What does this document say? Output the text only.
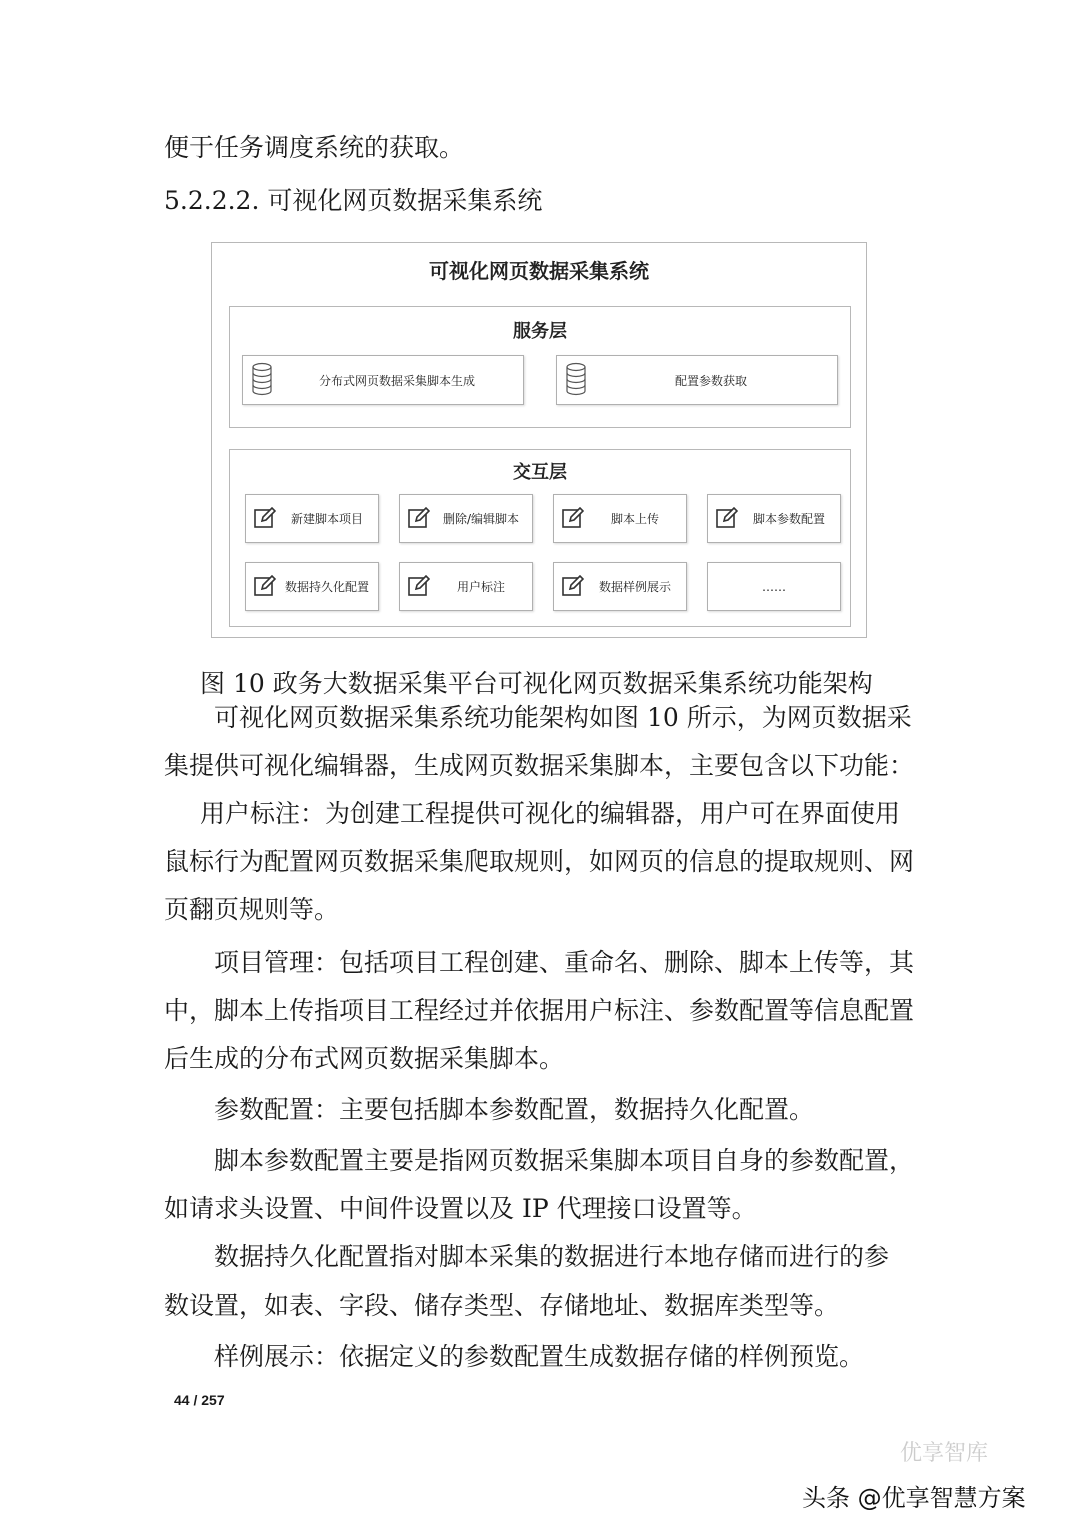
便于任务调度系统的获取。
5.2.2.2. 可视化网页数据采集系统
可视化网页数据采集系统
服务层
分布式网页数据采集脚本生成	配置参数获取
交互层
新建脚本项目	删除/编辑脚本	脚本上传	脚本参数配置
数据持久化配置	用户标注	数据样例展示	……
图 10 政务大数据采集平台可视化网页数据采集系统功能架构
可视化网页数据采集系统功能架构如图 10 所示，为网页数据采
集提供可视化编辑器，生成网页数据采集脚本，主要包含以下功能：
用户标注：为创建工程提供可视化的编辑器，用户可在界面使用
鼠标行为配置网页数据采集爬取规则，如网页的信息的提取规则、网
页翻页规则等。
项目管理：包括项目工程创建、重命名、删除、脚本上传等，其
中，脚本上传指项目工程经过并依据用户标注、参数配置等信息配置
后生成的分布式网页数据采集脚本。
参数配置：主要包括脚本参数配置，数据持久化配置。
脚本参数配置主要是指网页数据采集脚本项目自身的参数配置，
如请求头设置、中间件设置以及 IP 代理接口设置等。
数据持久化配置指对脚本采集的数据进行本地存储而进行的参
数设置，如表、字段、储存类型、存储地址、数据库类型等。
样例展示：依据定义的参数配置生成数据存储的样例预览。
44 / 257
优享智库
头条 @优享智慧方案
